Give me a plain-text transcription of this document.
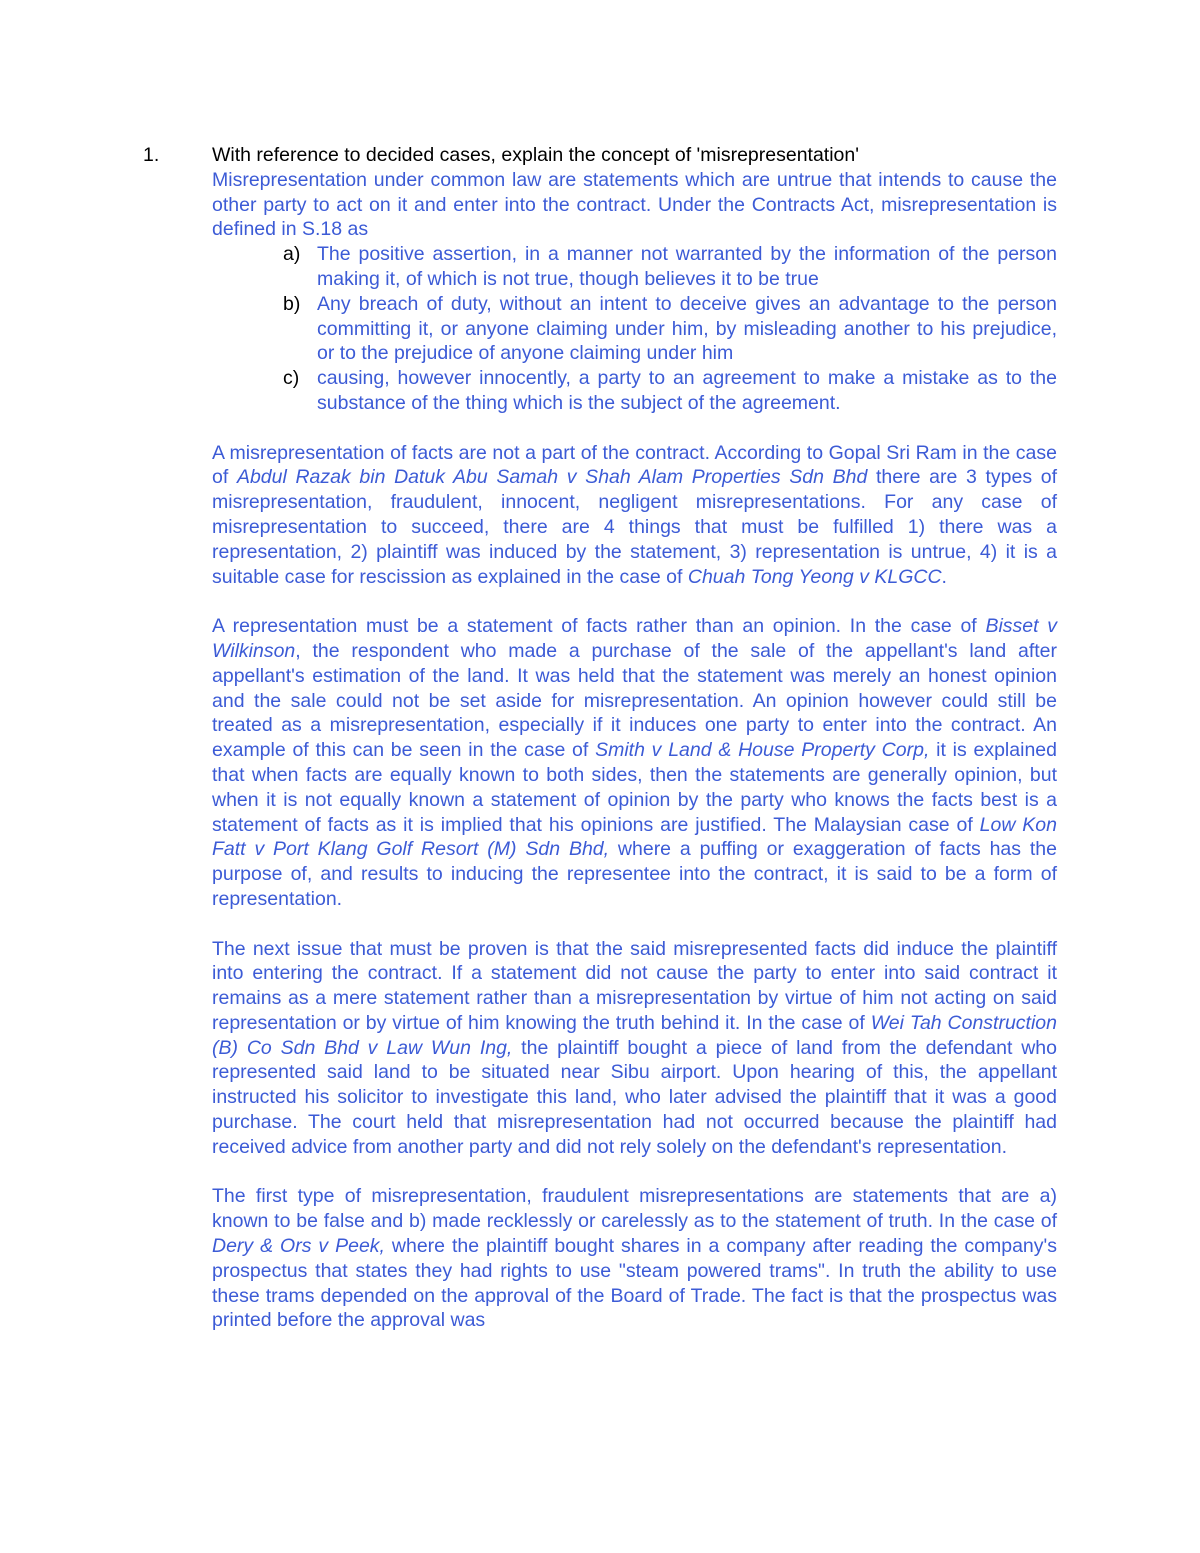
1.	With reference to decided cases, explain the concept of 'misrepresentation'

Misrepresentation under common law are statements which are untrue that intends to cause the other party to act on it and enter into the contract. Under the Contracts Act, misrepresentation is defined in S.18 as

a) The positive assertion, in a manner not warranted by the information of the person making it, of which is not true, though believes it to be true
b) Any breach of duty, without an intent to deceive gives an advantage to the person committing it, or anyone claiming under him, by misleading another to his prejudice, or to the prejudice of anyone claiming under him
c) causing, however innocently, a party to an agreement to make a mistake as to the substance of the thing which is the subject of the agreement.

A misrepresentation of facts are not a part of the contract. According to Gopal Sri Ram in the case of Abdul Razak bin Datuk Abu Samah v Shah Alam Properties Sdn Bhd there are 3 types of misrepresentation, fraudulent, innocent, negligent misrepresentations. For any case of misrepresentation to succeed, there are 4 things that must be fulfilled 1) there was a representation, 2) plaintiff was induced by the statement, 3) representation is untrue, 4) it is a suitable case for rescission as explained in the case of Chuah Tong Yeong v KLGCC.

A representation must be a statement of facts rather than an opinion. In the case of Bisset v Wilkinson, the respondent who made a purchase of the sale of the appellant's land after appellant's estimation of the land. It was held that the statement was merely an honest opinion and the sale could not be set aside for misrepresentation. An opinion however could still be treated as a misrepresentation, especially if it induces one party to enter into the contract. An example of this can be seen in the case of Smith v Land & House Property Corp, it is explained that when facts are equally known to both sides, then the statements are generally opinion, but when it is not equally known a statement of opinion by the party who knows the facts best is a statement of facts as it is implied that his opinions are justified. The Malaysian case of Low Kon Fatt v Port Klang Golf Resort (M) Sdn Bhd, where a puffing or exaggeration of facts has the purpose of, and results to inducing the representee into the contract, it is said to be a form of representation.

The next issue that must be proven is that the said misrepresented facts did induce the plaintiff into entering the contract. If a statement did not cause the party to enter into said contract it remains as a mere statement rather than a misrepresentation by virtue of him not acting on said representation or by virtue of him knowing the truth behind it. In the case of Wei Tah Construction (B) Co Sdn Bhd v Law Wun Ing, the plaintiff bought a piece of land from the defendant who represented said land to be situated near Sibu airport. Upon hearing of this, the appellant instructed his solicitor to investigate this land, who later advised the plaintiff that it was a good purchase. The court held that misrepresentation had not occurred because the plaintiff had received advice from another party and did not rely solely on the defendant's representation.

The first type of misrepresentation, fraudulent misrepresentations are statements that are a) known to be false and b) made recklessly or carelessly as to the statement of truth. In the case of Dery & Ors v Peek, where the plaintiff bought shares in a company after reading the company's prospectus that states they had rights to use "steam powered trams". In truth the ability to use these trams depended on the approval of the Board of Trade. The fact is that the prospectus was printed before the approval was
